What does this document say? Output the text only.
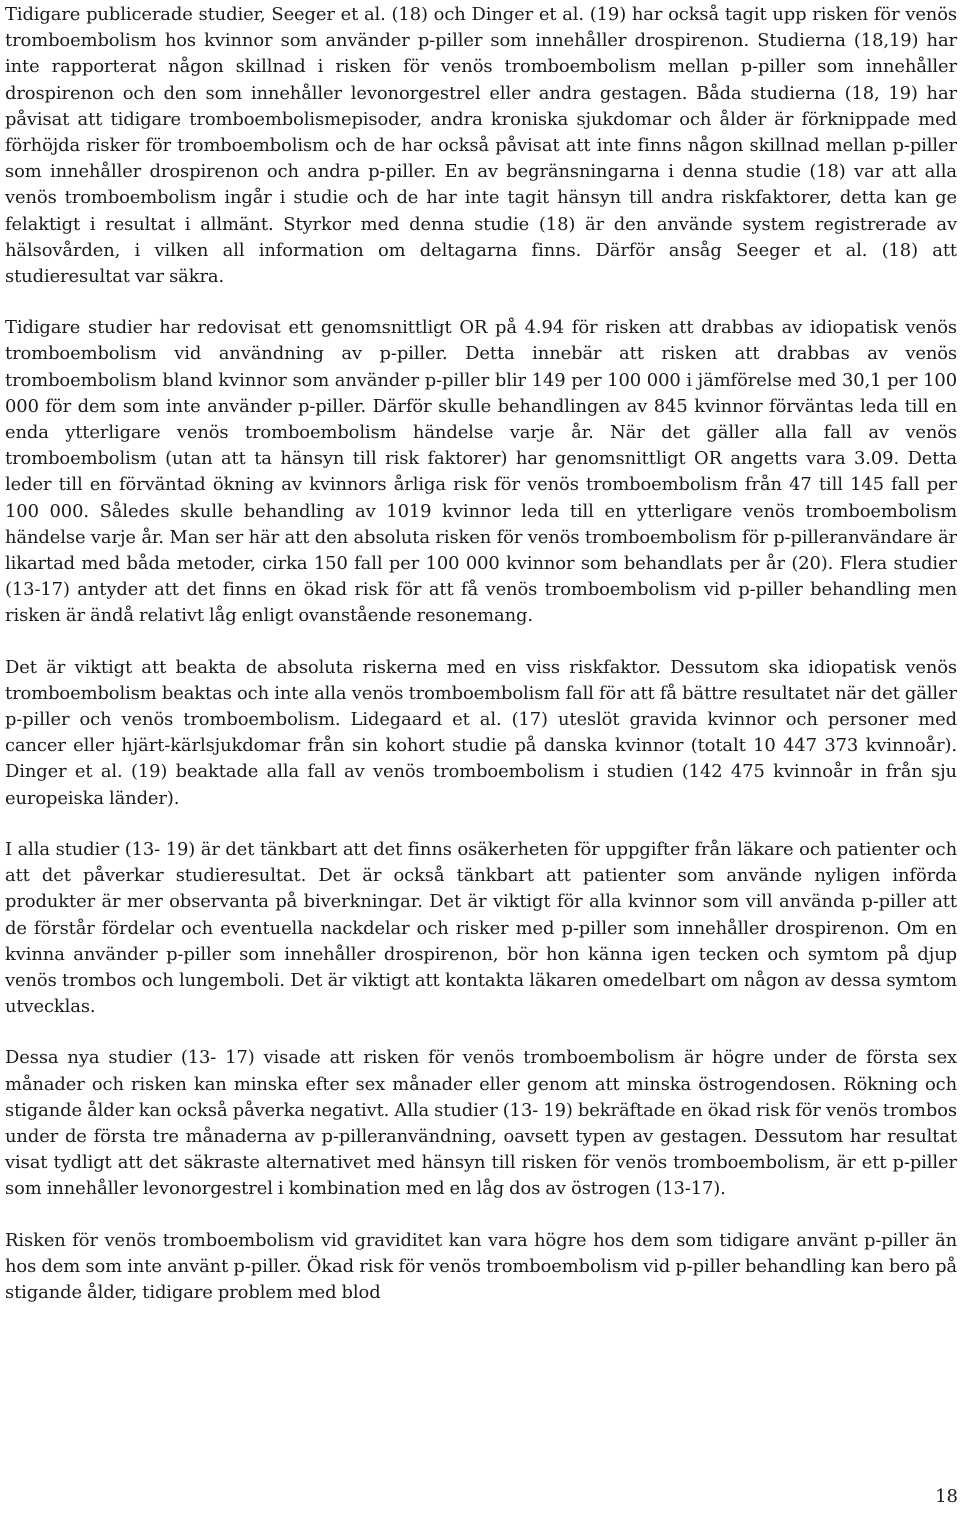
Tidigare publicerade studier, Seeger et al. (18) och Dinger et al. (19) har också tagit upp risken för venös tromboembolism hos kvinnor som använder p-piller som innehåller drospirenon. Studierna (18,19) har inte rapporterat någon skillnad i risken för venös tromboembolism mellan p-piller som innehåller drospirenon och den som innehåller levonorgestrel eller andra gestagen. Båda studierna (18, 19) har påvisat att tidigare tromboembolismepisoder, andra kroniska sjukdomar och ålder är förknippade med förhöjda risker för tromboembolism och de har också påvisat att inte finns någon skillnad mellan p-piller som innehåller drospirenon och andra p-piller. En av begränsningarna i denna studie (18) var att alla venös tromboembolism ingår i studie och de har inte tagit hänsyn till andra riskfaktorer, detta kan ge felaktigt i resultat i allmänt. Styrkor med denna studie (18) är den använde system registrerade av hälsovården, i vilken all information om deltagarna finns. Därför ansåg Seeger et al. (18) att studieresultat var säkra.

Tidigare studier har redovisat ett genomsnittligt OR på 4.94 för risken att drabbas av idiopatisk venös tromboembolism vid användning av p-piller. Detta innebär att risken att drabbas av venös tromboembolism bland kvinnor som använder p-piller blir 149 per 100 000 i jämförelse med 30,1 per 100 000 för dem som inte använder p-piller. Därför skulle behandlingen av 845 kvinnor förväntas leda till en enda ytterligare venös tromboembolism händelse varje år. När det gäller alla fall av venös tromboembolism (utan att ta hänsyn till risk faktorer) har genomsnittligt OR angetts vara 3.09. Detta leder till en förväntad ökning av kvinnors årliga risk för venös tromboembolism från 47 till 145 fall per 100 000. Således skulle behandling av 1019 kvinnor leda till en ytterligare venös tromboembolism händelse varje år. Man ser här att den absoluta risken för venös tromboembolism för p-pilleranvändare är likartad med båda metoder, cirka 150 fall per 100 000 kvinnor som behandlats per år (20). Flera studier (13-17) antyder att det finns en ökad risk för att få venös tromboembolism vid p-piller behandling men risken är ändå relativt låg enligt ovanstående resonemang.

Det är viktigt att beakta de absoluta riskerna med en viss riskfaktor. Dessutom ska idiopatisk venös tromboembolism beaktas och inte alla venös tromboembolism fall för att få bättre resultatet när det gäller p-piller och venös tromboembolism. Lidegaard et al. (17) uteslöt gravida kvinnor och personer med cancer eller hjärt-kärlsjukdomar från sin kohort studie på danska kvinnor (totalt 10 447 373 kvinnoår). Dinger et al. (19) beaktade alla fall av venös tromboembolism i studien (142 475 kvinnoår in från sju europeiska länder).

I alla studier (13- 19) är det tänkbart att det finns osäkerheten för uppgifter från läkare och patienter och att det påverkar studieresultat. Det är också tänkbart att patienter som använde nyligen införda produkter är mer observanta på biverkningar. Det är viktigt för alla kvinnor som vill använda p-piller att de förstår fördelar och eventuella nackdelar och risker med p-piller som innehåller drospirenon. Om en kvinna använder p-piller som innehåller drospirenon, bör hon känna igen tecken och symtom på djup venös trombos och lungemboli. Det är viktigt att kontakta läkaren omedelbart om någon av dessa symtom utvecklas.

Dessa nya studier (13- 17) visade att risken för venös tromboembolism är högre under de första sex månader och risken kan minska efter sex månader eller genom att minska östrogendosen. Rökning och stigande ålder kan också påverka negativt. Alla studier (13- 19) bekräftade en ökad risk för venös trombos under de första tre månaderna av p-pilleranvändning, oavsett typen av gestagen. Dessutom har resultat visat tydligt att det säkraste alternativet med hänsyn till risken för venös tromboembolism, är ett p-piller som innehåller levonorgestrel i kombination med en låg dos av östrogen (13-17).

Risken för venös tromboembolism vid graviditet kan vara högre hos dem som tidigare använt p-piller än hos dem som inte använt p-piller. Ökad risk för venös tromboembolism vid p-piller behandling kan bero på stigande ålder, tidigare problem med blod

18
